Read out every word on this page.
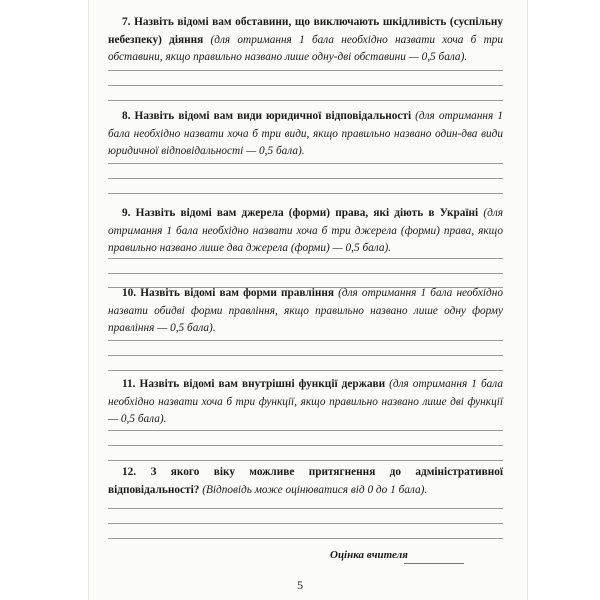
7. Назвіть відомі вам обставини, що виключають шкідливість (суспільну небезпеку) діяння (для отримання 1 бала необхідно назвати хоча б три обставини, якщо правильно названо лише одну-дві обставини — 0,5 бала).
8. Назвіть відомі вам види юридичної відповідальності (для отримання 1 бала необхідно назвати хоча б три види, якщо правильно названо один-два види юридичної відповідальності — 0,5 бала).
9. Назвіть відомі вам джерела (форми) права, які діють в Україні (для отримання 1 бала необхідно назвати хоча б три джерела (форми) права, якщо правильно названо лише два джерела (форми) — 0,5 бала).
10. Назвіть відомі вам форми правління (для отримання 1 бала необхідно назвати обидві форми правління, якщо правильно названо лише одну форму правління — 0,5 бала).
11. Назвіть відомі вам внутрішні функції держави (для отримання 1 бала необхідно назвати хоча б три функції, якщо правильно названо лише дві функції — 0,5 бала).
12. З якого віку можливе притягнення до адміністративної відповідальності? (Відповідь може оцінюватися від 0 до 1 бала).
Оцінка вчителя
5
